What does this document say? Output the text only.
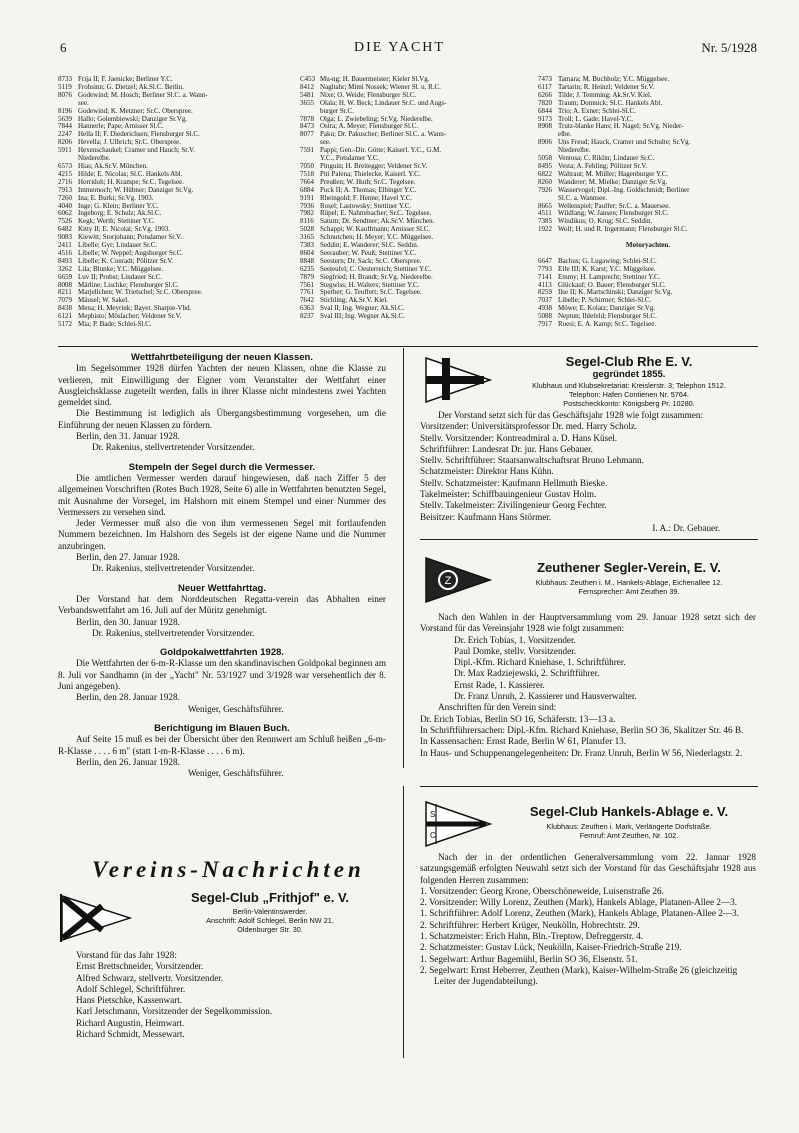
DIE YACHT
6	Nr. 5/1928
8733 Frija II; F. Jaenicke; Berliner Y.C.
5119 Frohsinn; G. Dietzel; Ak.Sl.C. Berlin.
8076 Godewind; M. Hosch; Berliner Sl.C. a. Wann-
see.
8196 Godewind; K. Metzner; Sr.C. Oberspree.
5639 Hallo; Golembiewski; Danziger Sr.Vg.
7844 Hannerle; Pape; Arnisser Sl.C.
2247 Hella II; F. Diederichsen; Flensburger Sl.C.
8206 Hevella; J. Ulbrich; Sr.C. Oberspree.
5911 Hexenschaukel; Cramer und Hauch; Sr.V.
Niederelbe.
6573 Hias; Ak.Sr.V. München.
4215 Hilde; E. Nicolas; Sl.C. Hankels Abl.
2716 Horridoh; H. Krampe; Sr.C. Tegelsee.
7913 Immernoch; W. Hübner; Danziger Sr.Vg.
7260 Ina; E. Burki; Sr.Vg. 1903.
4040 Inge; G. Klein; Berliner Y.C.
6062 Ingeborg; E. Schulz; Ak.Sl.C.
7526 Kegk; Werth; Stettiner Y.C.
6482 Kitty II; E. Nicolai; Sr.Vg. 1903.
9083 Kiewitt; Storjohann; Potsdamer Sr.V.
2411 Libelle; Gyr; Lindauer Sr.C.
4516 Libelle; W. Neppel; Augsburger Sr.C.
8493 Libelle; K. Conradt; Pölitzer Sr.V.
3262 Lila; Blunke; Y.C. Müggelsee.
6659 Luv II; Probst; Lindauer Sr.C.
8008 Märline; Lischke; Flensburger Sl.C.
8211 Marjellchen; W. Trietschel; Sr.C. Oberspree.
7079 Mäusel; W. Sakel.
8438 Mena; H. Meyrink; Bayer. Sharpie-Vbd.
6121 Mephisto; Möslacher; Veldener Sr.V.
5172 Mia; P. Bade; Schlei-Sl.C.
C453 Mu-ng; H. Bauermeister; Kieler Sl.Vg.
8412 Nagltahr; Mimi Nossek; Wiener Sl. u. R.C.
5481 Nixe; O. Weide; Flensburger Sl.C.
3655 Olala; H. W. Beck; Lindauer Sr.C. und Augs-
burger Sr.C.
7878 Olga; L. Zwiebeling; Sr.Vg. Niederelbe.
8473 Ostra; A. Meyer; Flensburger Sl.C.
8077 Paku; Dr. Pakuscher; Berliner Sl.C. a. Wann-
see.
7591 Pappi; Gen.-Dir. Götte; Kaiserl. Y.C., G.M.
Y.C., Potsdamer Y.C.
7050 Pinguin; H. Breitegger; Veldener Sr.V.
7518 Piti Palena; Thielecke, Kaiserl. Y.C.
7664 Preußen; W. Huth; Sr.C. Tegelsee.
6884 Puck II; A. Thomas; Elbinger Y.C.
9191 Rheingold; F. Henne; Havel Y.C.
7936 Rosel; Lastowsky; Stettiner Y.C.
7982 Rüpel; E. Nahmmacher; Sr.C. Tegelsee.
8116 Saturn; Dr. Sendtner; Ak.Sr.V. München.
5028 Schappi; W. Kauffmann; Arnisser Sl.C.
3165 Schnutchen; H. Meyer; Y.C. Müggelsee.
7383 Seddin; E. Wanderer; Sl.C. Seddin.
8604 Seerauber; W. Peuß; Stettiner Y.C.
8848 Seestern; Dr. Sack; Sr.C. Oberspree.
6235 Seeteufel; C. Oesterreich; Stettiner Y.C.
7879 Siegfried; H. Brandt; Sr.Vg. Niederelbe.
7561 Stegwiss; H. Walters; Stettiner Y.C.
7761 Sperber; G. Teuffert; Sr.C. Tegelsee.
7642 Stichling; Ak.Sr.V. Kiel.
6363 Sval II; Ing. Wegner; Ak.Sl.C.
8237 Sval III; Ing. Wegner Ak.Sl.C.
7473 Tamara; M. Buchholz; Y.C. Müggelsee.
6117 Tartarin; R. Heinzl; Veldener Sr.V.
6266 Tilde; J. Temming; Ak.Sr.V. Kiel.
7820 Traum; Domnick; Sl.C. Hankels Abl.
6844 Trio; A. Exner; Schlei-Sl.C.
9173 Troll; L. Gade; Havel-Y.C.
8908 Trutz-blanke Hans; H. Nagel; Sr.Vg. Nieder-
elbe.
8906 Uns Freud; Hauck, Cramer und Schulte; Sr.Vg.
Niederelbe.
5058 Ventosa; C. Riklin; Lindauer Sr.C.
8495 Vesta; A. Fehling; Pölitzer Sr.V.
6822 Waltraut; M. Müller; Hagenburger Y.C.
8260 Wanderer; M. Mielke; Danziger Sr.Vg.
7926 Wasservogel; Dipl.-Ing. Goldschmidt; Berliner
Sl.C. a. Wannsee.
8665 Wellenspiel; Pauffer; Sr.C. a. Mauersee.
4511 Wildfang; W. Jansen; Flensburger Sl.C.
7385 Windikus; O. Krug; Sl.C. Seddin.
1922 Wolf; H. und R. Ingermann; Flensburger Sl.C.

Motoryachten.

6647 Bachus; G. Lugawing; Schlei-Sl.C.
7793 Elfe III; K. Karst; Y.C. Müggelsee.
7141 Emmy; H. Lamprecht; Stettiner Y.C.
4113 Glückauf; O. Bauer; Flensburger Sl.C.
8259 Ilse II; K. Martschinski; Danziger Sr.Vg.
7037 Libelle; P. Schirmer; Schlei-Sl.C.
4938 Möwe; E. Kolatz; Danziger Sr.Vg.
5088 Neptun; Ihlefeld; Flensburger Sl.C.
7917 Roesi; E. A. Kamp; Sr.C. Tegelsee.

Wettfahrtbeteiligung der neuen Klassen.

Im Segelsommer 1928 dürfen Yachten der neuen Klassen, ohne die Klasse zu verlieren, mit Einwilligung der Eigner vom Veranstalter der Wettfahrt einer Ausgleichsklasse zugeteilt werden, falls in ihrer Klasse nicht mindestens zwei Yachten gemeldet sind.

Die Bestimmung ist lediglich als Übergangsbestimmung vorgesehen, um die Einführung der neuen Klassen zu fördern.

Berlin, den 31. Januar 1928.

Dr. Rakenius, stellvertretender Vorsitzender.

Stempeln der Segel durch die Vermesser.

Die amtlichen Vermesser werden darauf hingewiesen, daß nach Ziffer 5 der allgemeinen Vorschriften (Rotes Buch 1928, Seite 6) alle in Wettfahrten benutzten Segel, mit Ausnahme der Vorsegel, im Halshorn mit einem Stempel und einer Nummer des Vermessers zu versehen sind.

Jeder Vermesser muß also die von ihm vermessenen Segel mit fortlaufenden Nummern bezeichnen. Im Halshorn des Segels ist der eigene Name und die Nummer anzubringen.

Berlin, den 27. Januar 1928.

Dr. Rakenius, stellvertretender Vorsitzender.

Neuer Wettfahrttag.

Der Vorstand hat dem Norddeutschen Regatta-verein das Abhalten einer Verbandswettfahrt am 16. Juli auf der Müritz genehmigt.

Berlin, den 30. Januar 1928.

Dr. Rakenius, stellvertretender Vorsitzender.

Goldpokalwettfahrten 1928.

Die Wettfahrten der 6-m-R-Klasse um den skandinavischen Goldpokal beginnen am 8. Juli vor Sandhamn (in der „Yacht" Nr. 53/1927 und 3/1928 war versehentlich der 8. Juni angegeben).

Berlin, den 28. Januar 1928.

Weniger, Geschäftsführer.

Berichtigung im Blauen Buch.

Auf Seite 15 muß es bei der Übersicht über den Rennwert am Schluß heißen „6-m-R-Klasse . . . . 6 m" (statt 1-m-R-Klasse . . . . 6 m).

Berlin, den 26. Januar 1928.

Weniger, Geschäftsführer.

Vereins-Nachrichten
Segel-Club „Frithjof" e. V.
Berlin-Valentinswerder.
Anschrift: Adolf Schlegel, Berlin NW 21,
Oldenburger Str. 30.

Vorstand für das Jahr 1928:

Ernst Brettschneider, Vorsitzender.

Alfred Schwarz, stellvertr. Vorsitzender.

Adolf Schlegel, Schriftführer.

Hans Pietschke, Kassenwart.

Karl Jetschmann, Vorsitzender der Segelkommission.

Richard Augustin, Heimwart.

Richard Schmidt, Messewart.

Segel-Club Rhe E. V.
gegründet 1855.
Klubhaus und Klubsekretariat: Kreislerstr. 3; Telephon 1512.
Telephon: Hafen Contienen Nr. 5764.
Postscheckkonto: Königsberg Pr. 10280.

Der Vorstand setzt sich für das Geschäftsjahr 1928 wie folgt zusammen:

Vorsitzender: Universitätsprofessor Dr. med. Harry Scholz.

Stellv. Vorsitzender: Kontreadmiral a. D. Hans Küsel.

Schriftführer: Landesrat Dr. jur. Hans Gebauer.

Stellv. Schriftführer: Staatsanwaltschaftsrat Bruno Lehmann.

Schatzmeister: Direktor Hans Kühn.

Stellv. Schatzmeister: Kaufmann Hellmuth Bieske.

Takelmeister: Schiffbauingenieur Gustav Holm.

Stellv. Takelmeister: Zivilingenieur Georg Fechter.

Beisitzer: Kaufmann Hans Störmer.

I. A.: Dr. Gebauer.

Z
Zeuthener Segler-Verein, E. V.
Klubhaus: Zeuthen i. M., Hankels-Ablage, Eichenallee 12.
Fernsprecher: Amt Zeuthen 39.

Nach den Wahlen in der Hauptversammlung vom 29. Januar 1928 setzt sich der Vorstand für das Vereinsjahr 1928 wie folgt zusammen:

Dr. Erich Tobias, 1. Vorsitzender.

Paul Domke, stellv. Vorsitzender.

Dipl.-Kfm. Richard Kniehase, 1. Schriftführer.

Dr. Max Radziejewski, 2. Schriftführer.

Ernst Rade, 1. Kassierer.

Dr. Franz Unruh, 2. Kassierer und Hausverwalter.

Anschriften für den Verein sind:

Dr. Erich Tobias, Berlin SO 16, Schäferstr. 13—13 a.

In Schriftführersachen: Dipl.-Kfm. Richard Kniehase, Berlin SO 36, Skalitzer Str. 46 B.

In Kassensachen: Ernst Rade, Berlin W 61, Planufer 13.

In Haus- und Schuppenangelegenheiten: Dr. Franz Unruh, Berlin W 56, Niederlagstr. 2.

S
C
Segel-Club Hankels-Ablage e. V.
Klubhaus: Zeuthen i. Mark, Verlängerte Dorfstraße.
Fernruf: Amt Zeuthen, Nr. 102.

Nach der in der ordentlichen Generalversammlung vom 22. Januar 1928 satzungsgemäß erfolgten Neuwahl setzt sich der Vorstand für das Geschäftsjahr 1928 aus folgenden Herren zusammen:

1. Vorsitzender: Georg Krone, Oberschöneweide, Luisenstraße 26.

2. Vorsitzender: Willy Lorenz, Zeuthen (Mark), Hankels Ablage, Platanen-Allee 2—3.

1. Schriftführer: Adolf Lorenz, Zeuthen (Mark), Hankels Ablage, Platanen-Allee 2—3.

2. Schriftführer: Herbert Krüger, Neukölln, Hobrechtstr. 29.

1. Schatzmeister: Erich Hahn, Bln.-Treptow, Defreggerstr. 4.

2. Schatzmeister: Gustav Lück, Neukölln, Kaiser-Friedrich-Straße 219.

1. Segelwart: Arthur Bagemühl, Berlin SO 36, Elsenstr. 51.

2. Segelwart: Ernst Heberrer, Zeuthen (Mark), Kaiser-Wilhelm-Straße 26 (gleichzeitig Leiter der Jugendabteilung).
